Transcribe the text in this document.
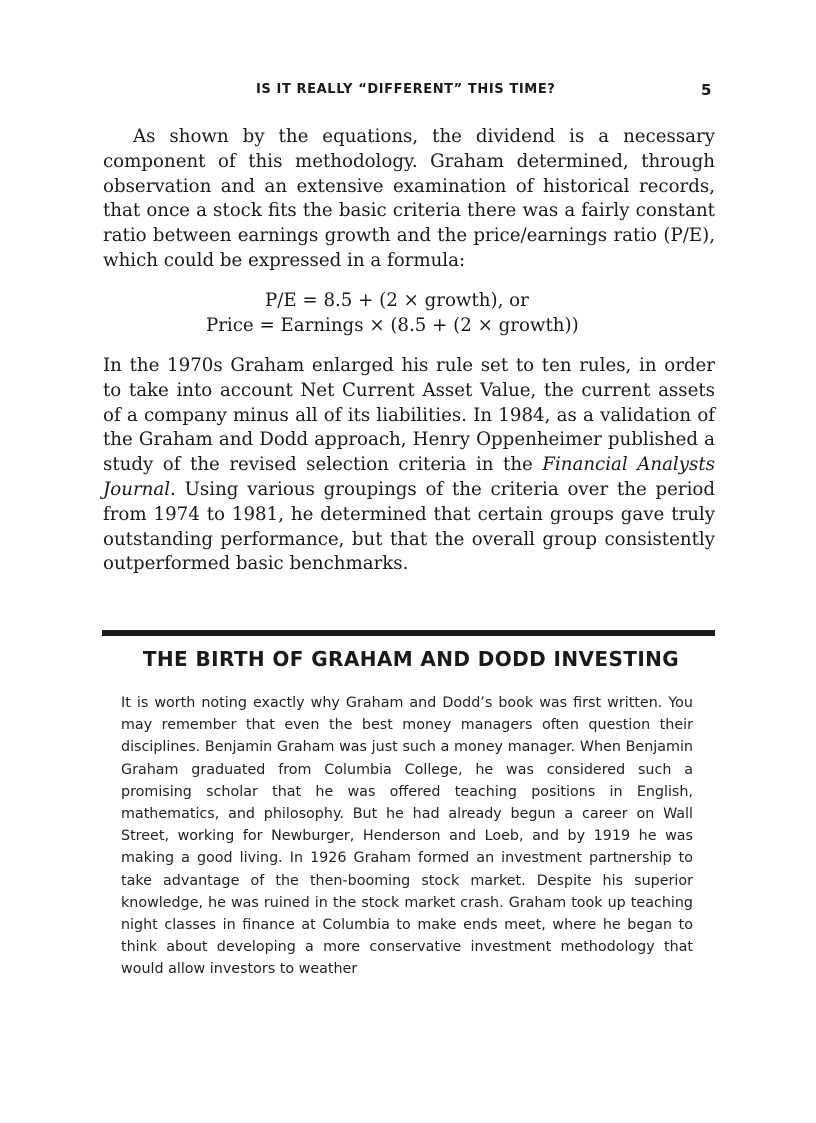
IS IT REALLY “DIFFERENT” THIS TIME?	5

As shown by the equations, the dividend is a necessary component of this methodology. Graham determined, through observation and an extensive examination of historical records, that once a stock fits the basic criteria there was a fairly constant ratio between earnings growth and the price/earnings ratio (P/E), which could be expressed in a formula:

P/E = 8.5 + (2 × growth), or
Price = Earnings × (8.5 + (2 × growth))

In the 1970s Graham enlarged his rule set to ten rules, in order to take into account Net Current Asset Value, the current assets of a company minus all of its liabilities. In 1984, as a validation of the Graham and Dodd approach, Henry Oppenheimer published a study of the revised selection criteria in the Financial Analysts Journal. Using various groupings of the criteria over the period from 1974 to 1981, he determined that certain groups gave truly outstanding performance, but that the overall group consistently outperformed basic benchmarks.

THE BIRTH OF GRAHAM AND DODD INVESTING

It is worth noting exactly why Graham and Dodd’s book was first written. You may remember that even the best money managers often question their disciplines. Benjamin Graham was just such a money manager. When Benjamin Graham graduated from Columbia College, he was considered such a promising scholar that he was offered teaching positions in English, mathematics, and philosophy. But he had already begun a career on Wall Street, working for Newburger, Henderson and Loeb, and by 1919 he was making a good living. In 1926 Graham formed an investment partnership to take advantage of the then-booming stock market. Despite his superior knowledge, he was ruined in the stock market crash. Graham took up teaching night classes in finance at Columbia to make ends meet, where he began to think about developing a more conservative investment methodology that would allow investors to weather
